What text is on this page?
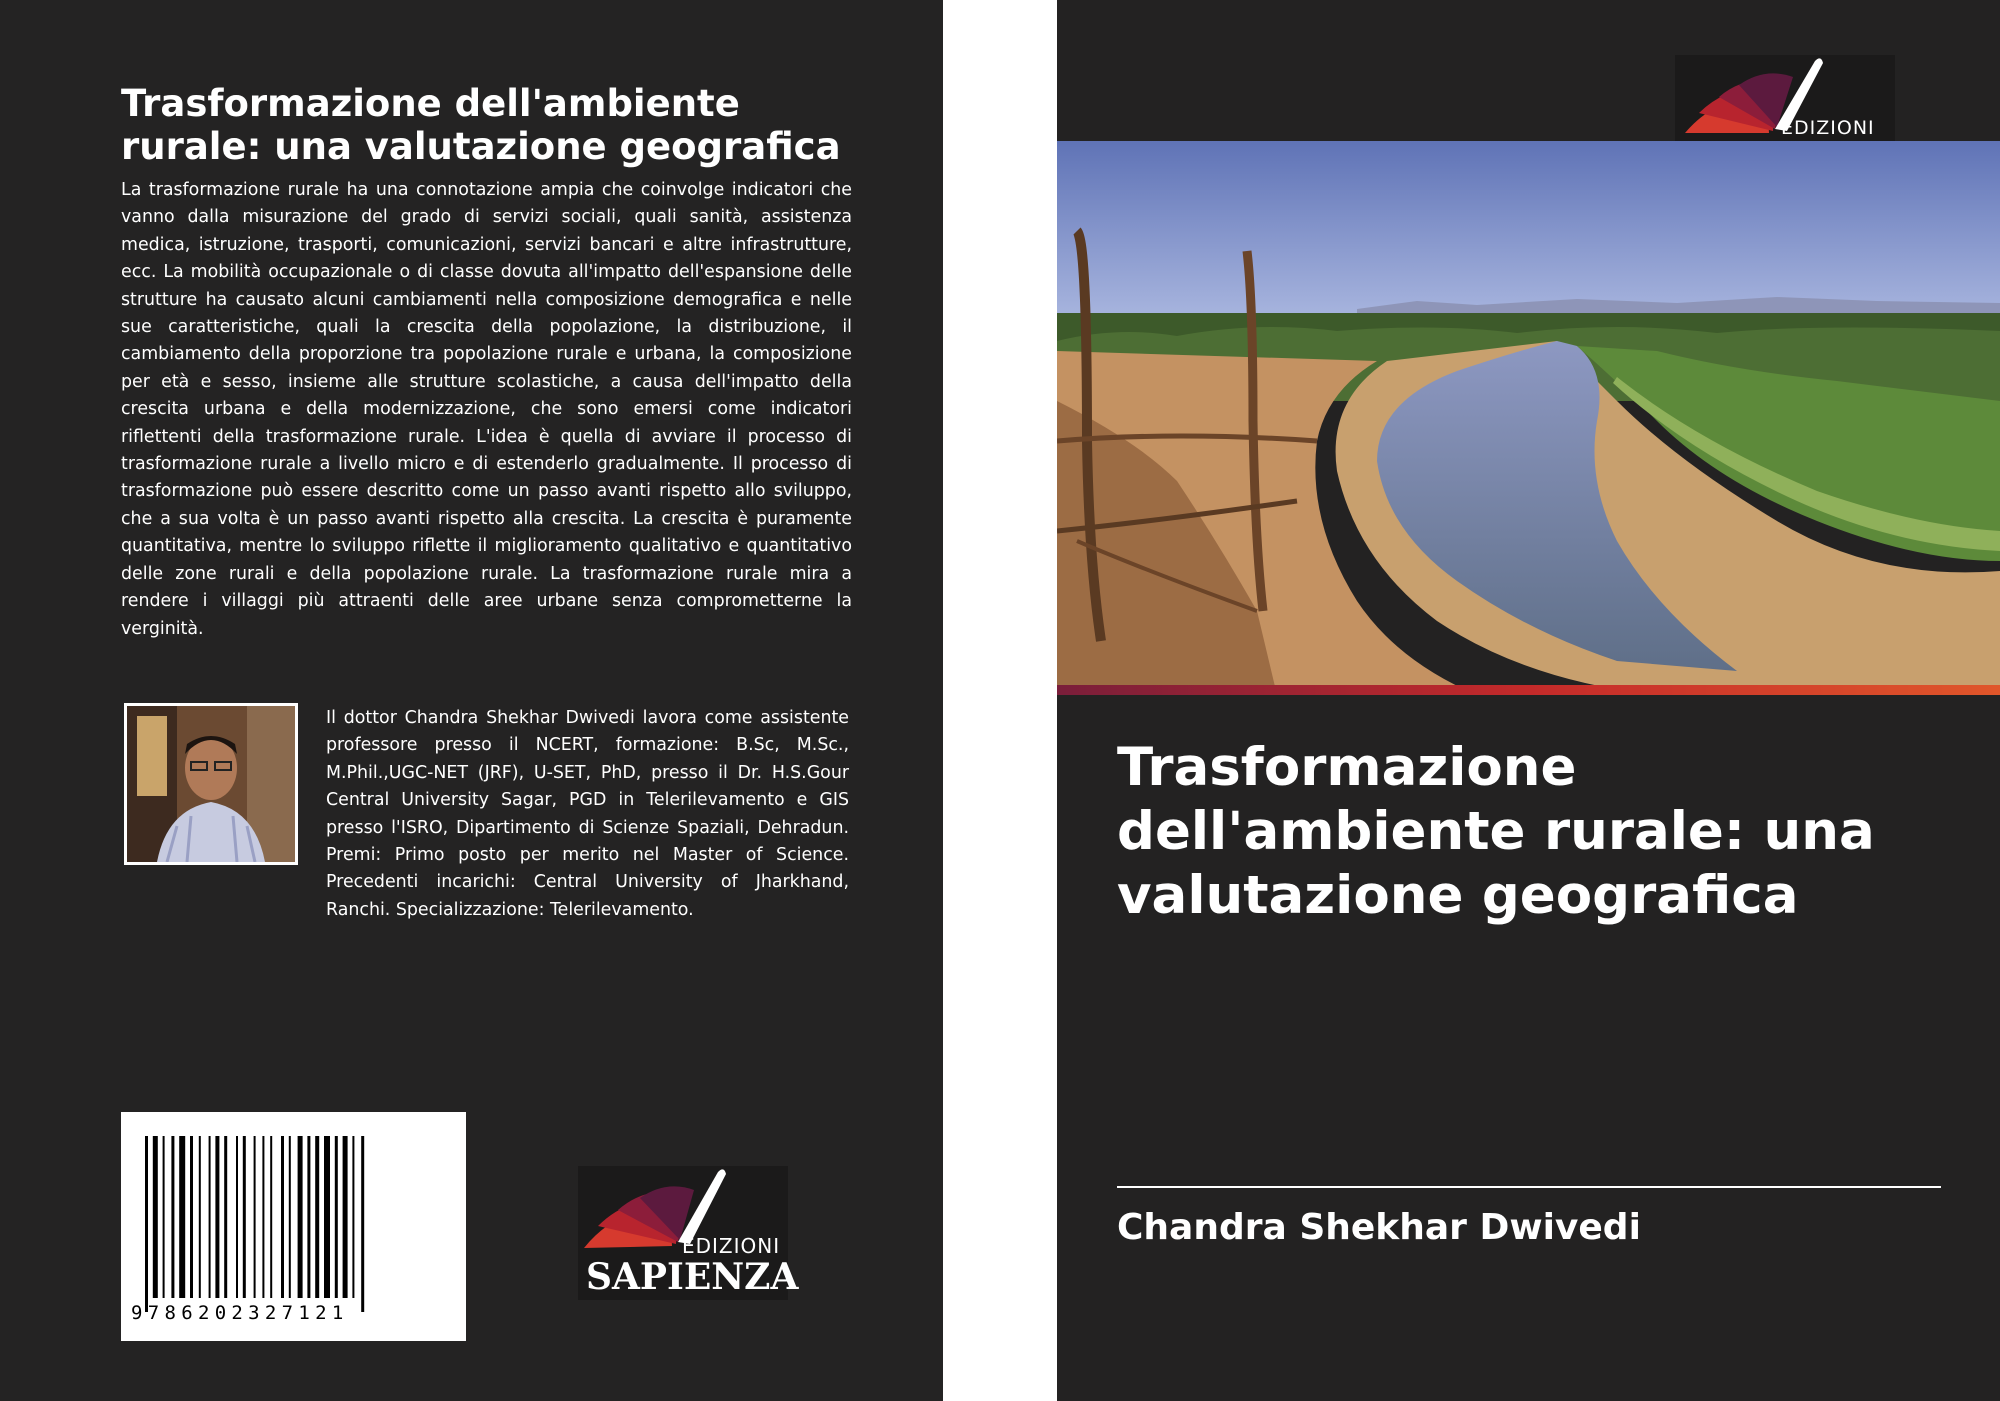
Trasformazione dell'ambiente rurale: una valutazione geografica

La trasformazione rurale ha una connotazione ampia che coinvolge indicatori che vanno dalla misurazione del grado di servizi sociali, quali sanità, assistenza medica, istruzione, trasporti, comunicazioni, servizi bancari e altre infrastrutture, ecc. La mobilità occupazionale o di classe dovuta all'impatto dell'espansione delle strutture ha causato alcuni cambiamenti nella composizione demografica e nelle sue caratteristiche, quali la crescita della popolazione, la distribuzione, il cambiamento della proporzione tra popolazione rurale e urbana, la composizione per età e sesso, insieme alle strutture scolastiche, a causa dell'impatto della crescita urbana e della modernizzazione, che sono emersi come indicatori riflettenti della trasformazione rurale. L'idea è quella di avviare il processo di trasformazione rurale a livello micro e di estenderlo gradualmente. Il processo di trasformazione può essere descritto come un passo avanti rispetto allo sviluppo, che a sua volta è un passo avanti rispetto alla crescita. La crescita è puramente quantitativa, mentre lo sviluppo riflette il miglioramento qualitativo e quantitativo delle zone rurali e della popolazione rurale. La trasformazione rurale mira a rendere i villaggi più attraenti delle aree urbane senza comprometterne la verginità.

Il dottor Chandra Shekhar Dwivedi lavora come assistente professore presso il NCERT, formazione: B.Sc, M.Sc., M.Phil.,UGC-NET (JRF), U-SET, PhD, presso il Dr. H.S.Gour Central University Sagar, PGD in Telerilevamento e GIS presso l'ISRO, Dipartimento di Scienze Spaziali, Dehradun. Premi: Primo posto per merito nel Master of Science. Precedenti incarichi: Central University of Jharkhand, Ranchi. Specializzazione: Telerilevamento.

9786202327121
EDIZIONI
SAPIENZA
EDIZIONI
Trasformazione dell'ambiente rurale: una valutazione geografica
Chandra Shekhar Dwivedi
